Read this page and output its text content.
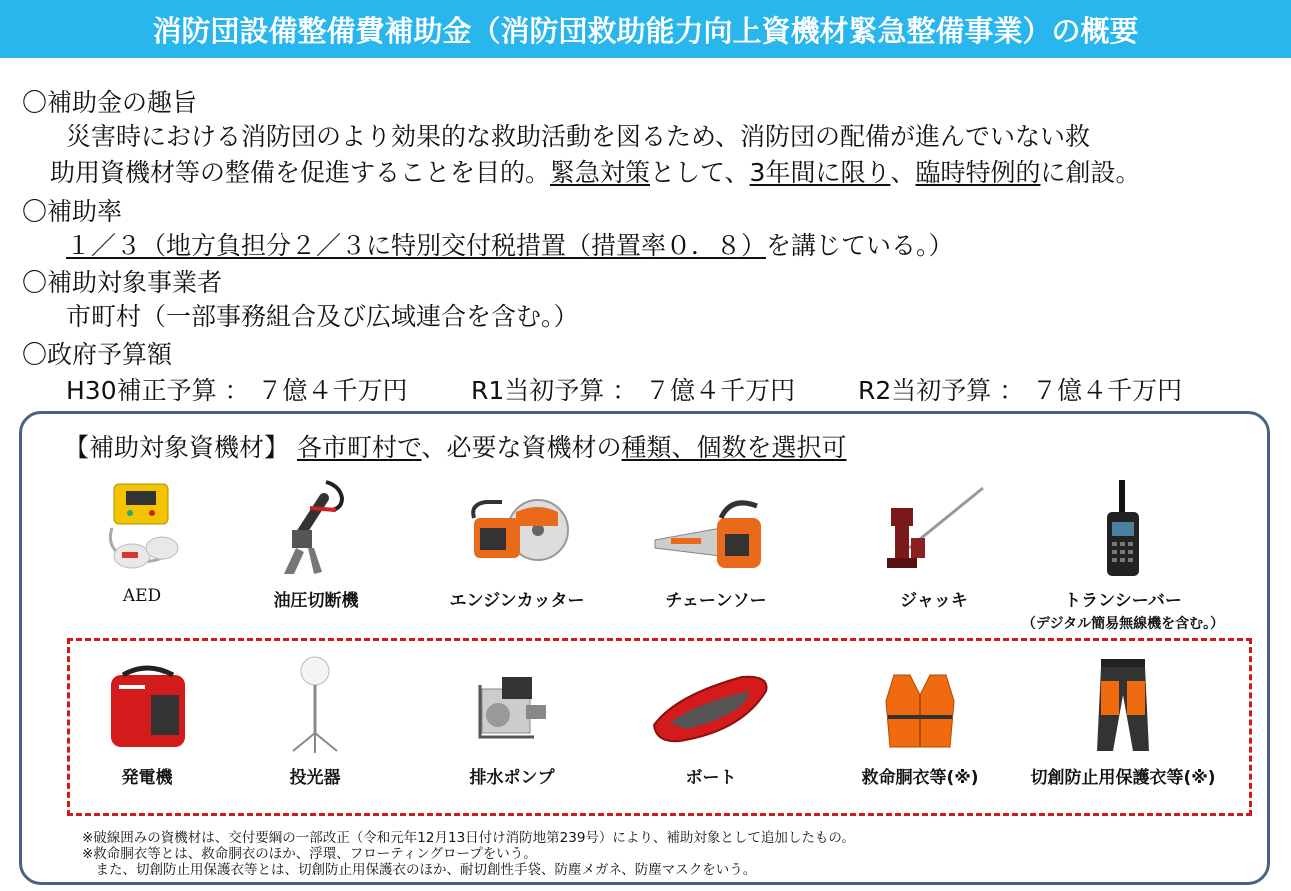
消防団設備整備費補助金（消防団救助能力向上資機材緊急整備事業）の概要
〇補助金の趣旨
災害時における消防団のより効果的な救助活動を図るため、消防団の配備が進んでいない救
助用資機材等の整備を促進することを目的。緊急対策として、3年間に限り、臨時特例的に創設。
〇補助率
１／３（地方負担分２／３に特別交付税措置（措置率０．８）を講じている。）
〇補助対象事業者
市町村（一部事務組合及び広域連合を含む。）
〇政府予算額
H30補正予算 ： ７億４千万円	R1当初予算 ： ７億４千万円	R2当初予算 ： ７億４千万円
【補助対象資機材】 各市町村で、必要な資機材の種類、個数を選択可
AED	油圧切断機	エンジンカッター	チェーンソー	ジャッキ	トランシーバー
（デジタル簡易無線機を含む。）
発電機	投光器	排水ポンプ	ボート	救命胴衣等(※)	切創防止用保護衣等(※)
※破線囲みの資機材は、交付要綱の一部改正（令和元年12月13日付け消防地第239号）により、補助対象として追加したもの。
※救命胴衣等とは、救命胴衣のほか、浮環、フローティングロープをいう。
　また、切創防止用保護衣等とは、切創防止用保護衣のほか、耐切創性手袋、防塵メガネ、防塵マスクをいう。
